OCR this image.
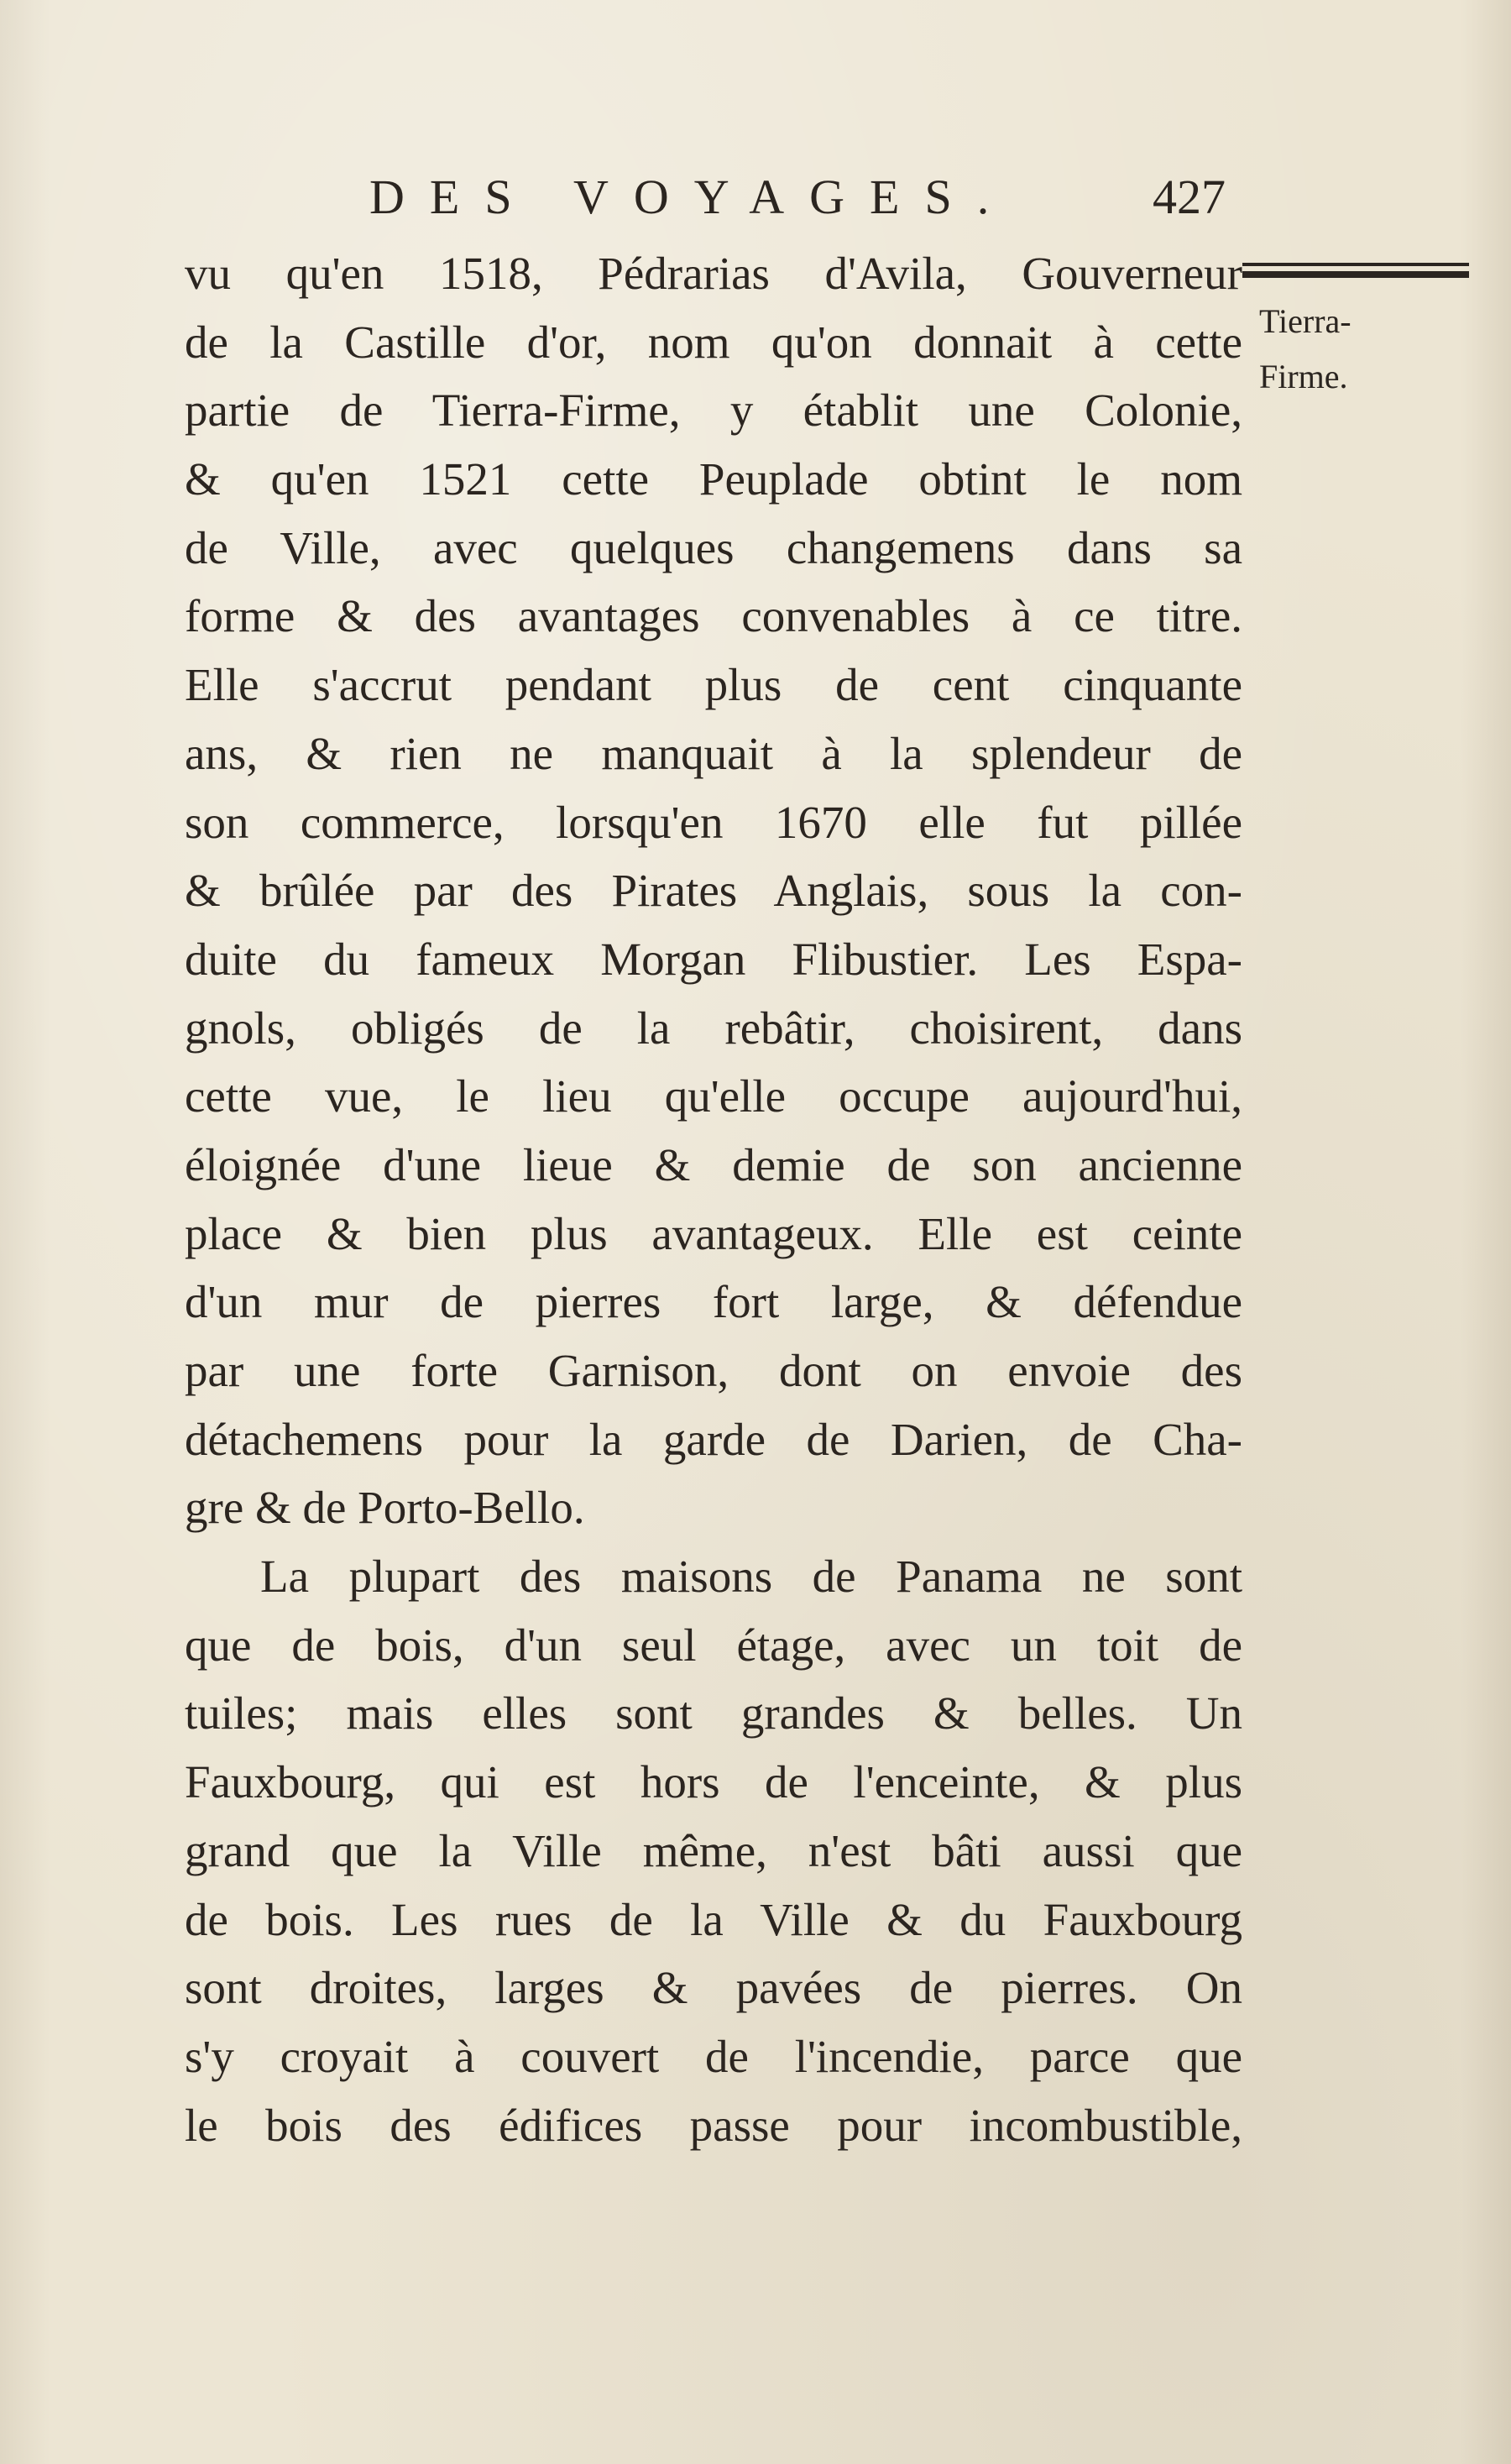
DES VOYAGES.	427
Tierra-
Firme.
vu qu'en 1518, Pédrarias d'Avila, Gouverneur
de la Castille d'or, nom qu'on donnait à cette
partie de Tierra-Firme, y établit une Colonie,
& qu'en 1521 cette Peuplade obtint le nom
de Ville, avec quelques changemens dans sa
forme & des avantages convenables à ce titre.
Elle s'accrut pendant plus de cent cinquante
ans, & rien ne manquait à la splendeur de
son commerce, lorsqu'en 1670 elle fut pillée
& brûlée par des Pirates Anglais, sous la con-
duite du fameux Morgan Flibustier. Les Espa-
gnols, obligés de la rebâtir, choisirent, dans
cette vue, le lieu qu'elle occupe aujourd'hui,
éloignée d'une lieue & demie de son ancienne
place & bien plus avantageux. Elle est ceinte
d'un mur de pierres fort large, & défendue
par une forte Garnison, dont on envoie des
détachemens pour la garde de Darien, de Cha-
gre & de Porto-Bello.
La plupart des maisons de Panama ne sont
que de bois, d'un seul étage, avec un toit de
tuiles; mais elles sont grandes & belles. Un
Fauxbourg, qui est hors de l'enceinte, & plus
grand que la Ville même, n'est bâti aussi que
de bois. Les rues de la Ville & du Fauxbourg
sont droites, larges & pavées de pierres. On
s'y croyait à couvert de l'incendie, parce que
le bois des édifices passe pour incombustible,
